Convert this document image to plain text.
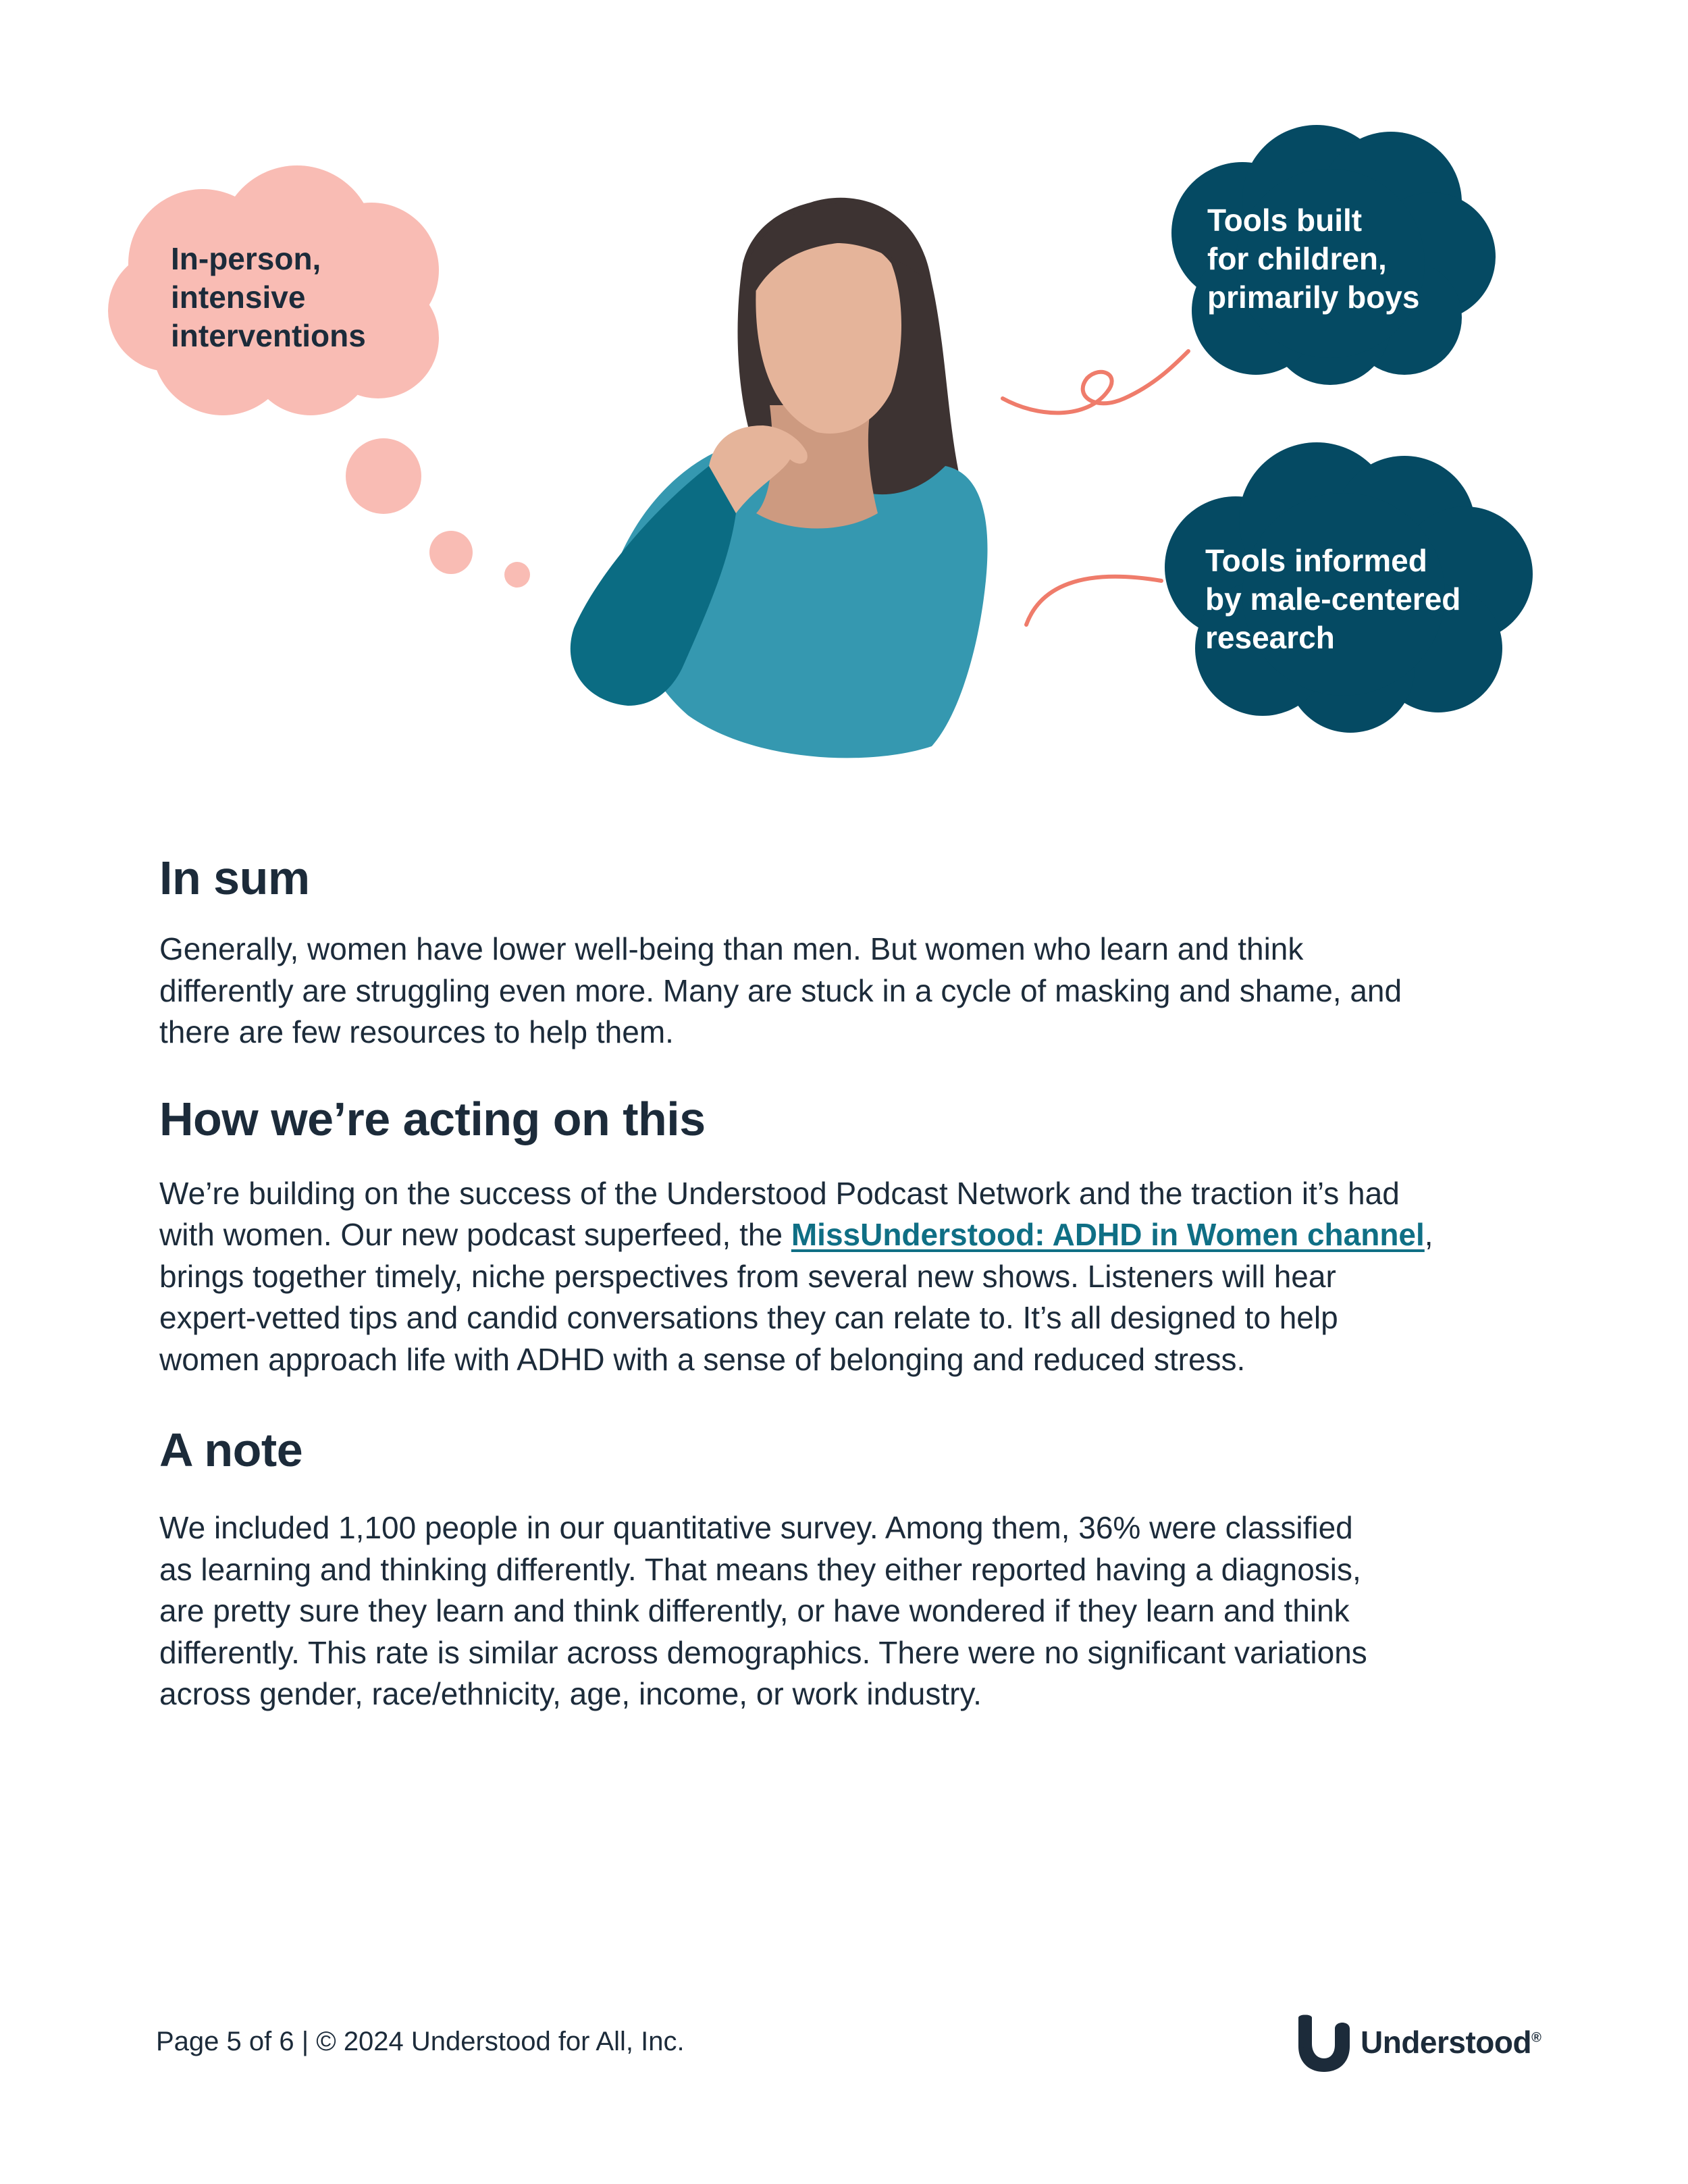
In-person,
intensive
interventions
Tools built
for children,
primarily boys
Tools informed
by male-centered
research
In sum

Generally, women have lower well-being than men. But women who learn and think
differently are struggling even more. Many are stuck in a cycle of masking and shame, and
there are few resources to help them.

How we’re acting on this

We’re building on the success of the Understood Podcast Network and the traction it’s had
with women. Our new podcast superfeed, the MissUnderstood: ADHD in Women channel,
brings together timely, niche perspectives from several new shows. Listeners will hear
expert-vetted tips and candid conversations they can relate to. It’s all designed to help
women approach life with ADHD with a sense of belonging and reduced stress.

A note

We included 1,100 people in our quantitative survey. Among them, 36% were classified
as learning and thinking differently. That means they either reported having a diagnosis,
are pretty sure they learn and think differently, or have wondered if they learn and think
differently. This rate is similar across demographics. There were no significant variations
across gender, race/ethnicity, age, income, or work industry.

Page 5 of 6 | © 2024 Understood for All, Inc.	Understood®
